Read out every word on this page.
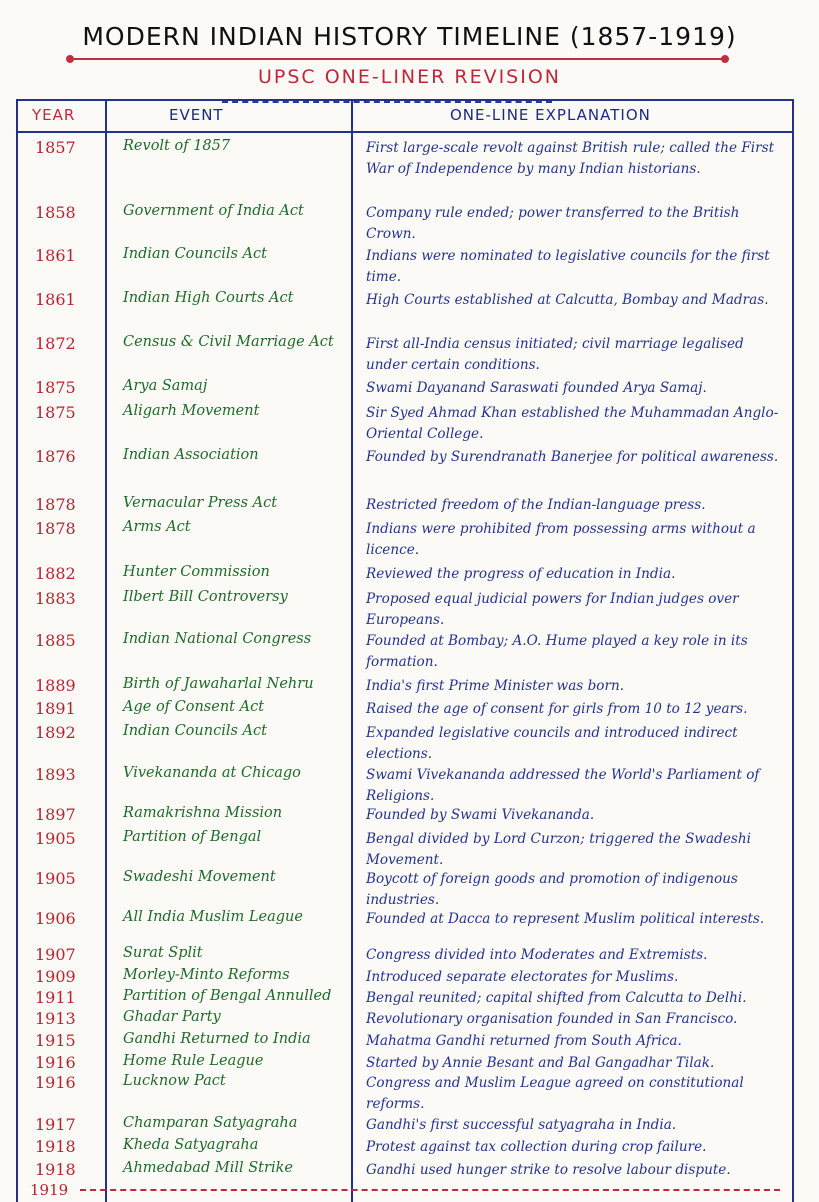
MODERN INDIAN HISTORY TIMELINE (1857-1919)
UPSC ONE-LINER REVISION
YEAR	EVENT	ONE-LINE EXPLANATION
1857	Revolt of 1857	First large-scale revolt against British rule; called the First War of Independence by many Indian historians.
1858	Government of India Act	Company rule ended; power transferred to the British Crown.
1861	Indian Councils Act	Indians were nominated to legislative councils for the first time.
1861	Indian High Courts Act	High Courts established at Calcutta, Bombay and Madras.
1872	Census & Civil Marriage Act	First all-India census initiated; civil marriage legalised under certain conditions.
1875	Arya Samaj	Swami Dayanand Saraswati founded Arya Samaj.
1875	Aligarh Movement	Sir Syed Ahmad Khan established the Muhammadan Anglo-Oriental College.
1876	Indian Association	Founded by Surendranath Banerjee for political awareness.
1878	Vernacular Press Act	Restricted freedom of the Indian-language press.
1878	Arms Act	Indians were prohibited from possessing arms without a licence.
1882	Hunter Commission	Reviewed the progress of education in India.
1883	Ilbert Bill Controversy	Proposed equal judicial powers for Indian judges over Europeans.
1885	Indian National Congress	Founded at Bombay; A.O. Hume played a key role in its formation.
1889	Birth of Jawaharlal Nehru	India's first Prime Minister was born.
1891	Age of Consent Act	Raised the age of consent for girls from 10 to 12 years.
1892	Indian Councils Act	Expanded legislative councils and introduced indirect elections.
1893	Vivekananda at Chicago	Swami Vivekananda addressed the World's Parliament of Religions.
1897	Ramakrishna Mission	Founded by Swami Vivekananda.
1905	Partition of Bengal	Bengal divided by Lord Curzon; triggered the Swadeshi Movement.
1905	Swadeshi Movement	Boycott of foreign goods and promotion of indigenous industries.
1906	All India Muslim League	Founded at Dacca to represent Muslim political interests.
1907	Surat Split	Congress divided into Moderates and Extremists.
1909	Morley-Minto Reforms	Introduced separate electorates for Muslims.
1911	Partition of Bengal Annulled	Bengal reunited; capital shifted from Calcutta to Delhi.
1913	Ghadar Party	Revolutionary organisation founded in San Francisco.
1915	Gandhi Returned to India	Mahatma Gandhi returned from South Africa.
1916	Home Rule League	Started by Annie Besant and Bal Gangadhar Tilak.
1916	Lucknow Pact	Congress and Muslim League agreed on constitutional reforms.
1917	Champaran Satyagraha	Gandhi's first successful satyagraha in India.
1918	Kheda Satyagraha	Protest against tax collection during crop failure.
1918	Ahmedabad Mill Strike	Gandhi used hunger strike to resolve labour dispute.
1919
